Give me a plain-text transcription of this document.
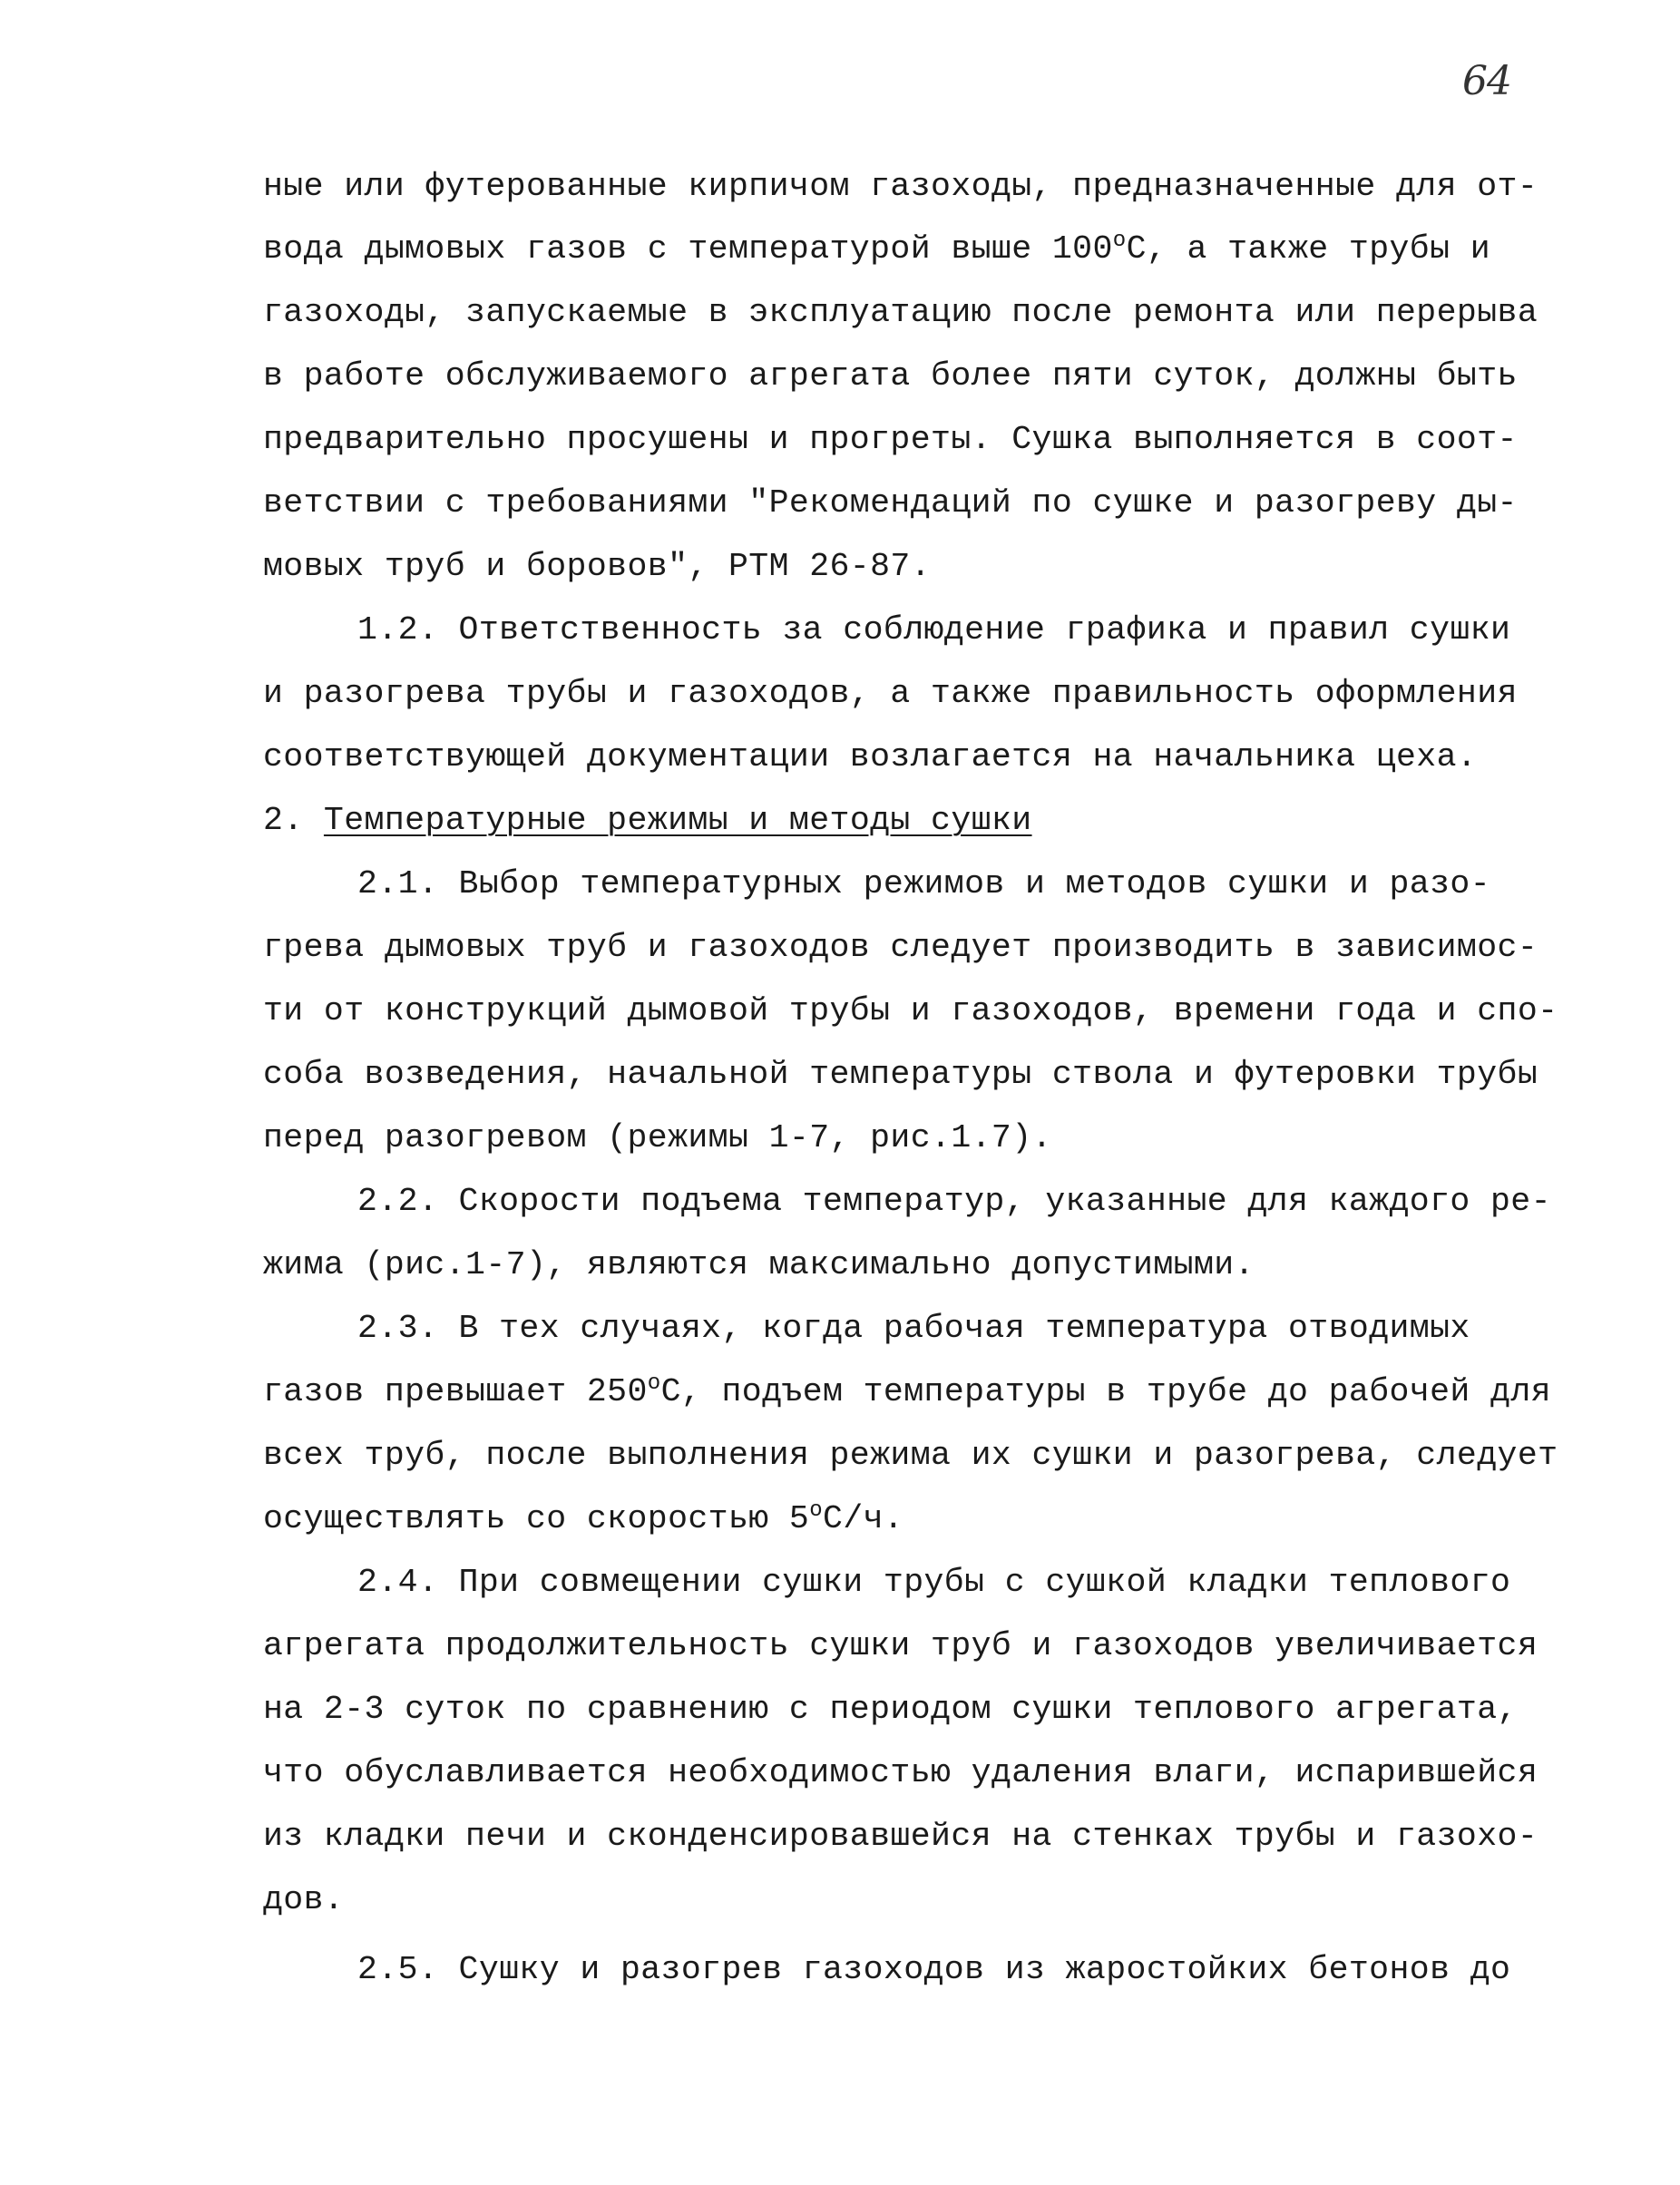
64
ные или футерованные кирпичом газоходы, предназначенные для от-
вода дымовых газов с температурой выше $100^оС$, а также трубы и
газоходы, запускаемые в эксплуатацию после ремонта или перерыва
в работе обслуживаемого агрегата более пяти суток, должны быть
предварительно просушены и прогреты. Сушка выполняется в соот-
ветствии с требованиями "Рекомендаций по сушке и разогреву ды-
мовых труб и боровов", РТМ 26-87.
1.2. Ответственность за соблюдение графика и правил сушки
и разогрева трубы и газоходов, а также правильность оформления
соответствующей документации возлагается на начальника цеха.
2. Температурные режимы и методы сушки
2.1. Выбор температурных режимов и методов сушки и разо-
грева дымовых труб и газоходов следует производить в зависимос-
ти от конструкций дымовой трубы и газоходов, времени года и спо-
соба возведения, начальной температуры ствола и футеровки трубы
перед разогревом (режимы 1-7, рис.1.7).
2.2. Скорости подъема температур, указанные для каждого ре-
жима (рис.1-7), являются максимально допустимыми.
2.3. В тех случаях, когда рабочая температура отводимых
газов превышает $250^оС$, подъем температуры в трубе до рабочей для
всех труб, после выполнения режима их сушки и разогрева, следует
осуществлять со скоростью $5^оС/ч$.
2.4. При совмещении сушки трубы с сушкой кладки теплового
агрегата продолжительность сушки труб и газоходов увеличивается
на 2-3 суток по сравнению с периодом сушки теплового агрегата,
что обуславливается необходимостью удаления влаги, испарившейся
из кладки печи и сконденсировавшейся на стенках трубы и газохо-
дов.
2.5. Сушку и разогрев газоходов из жаростойких бетонов до
